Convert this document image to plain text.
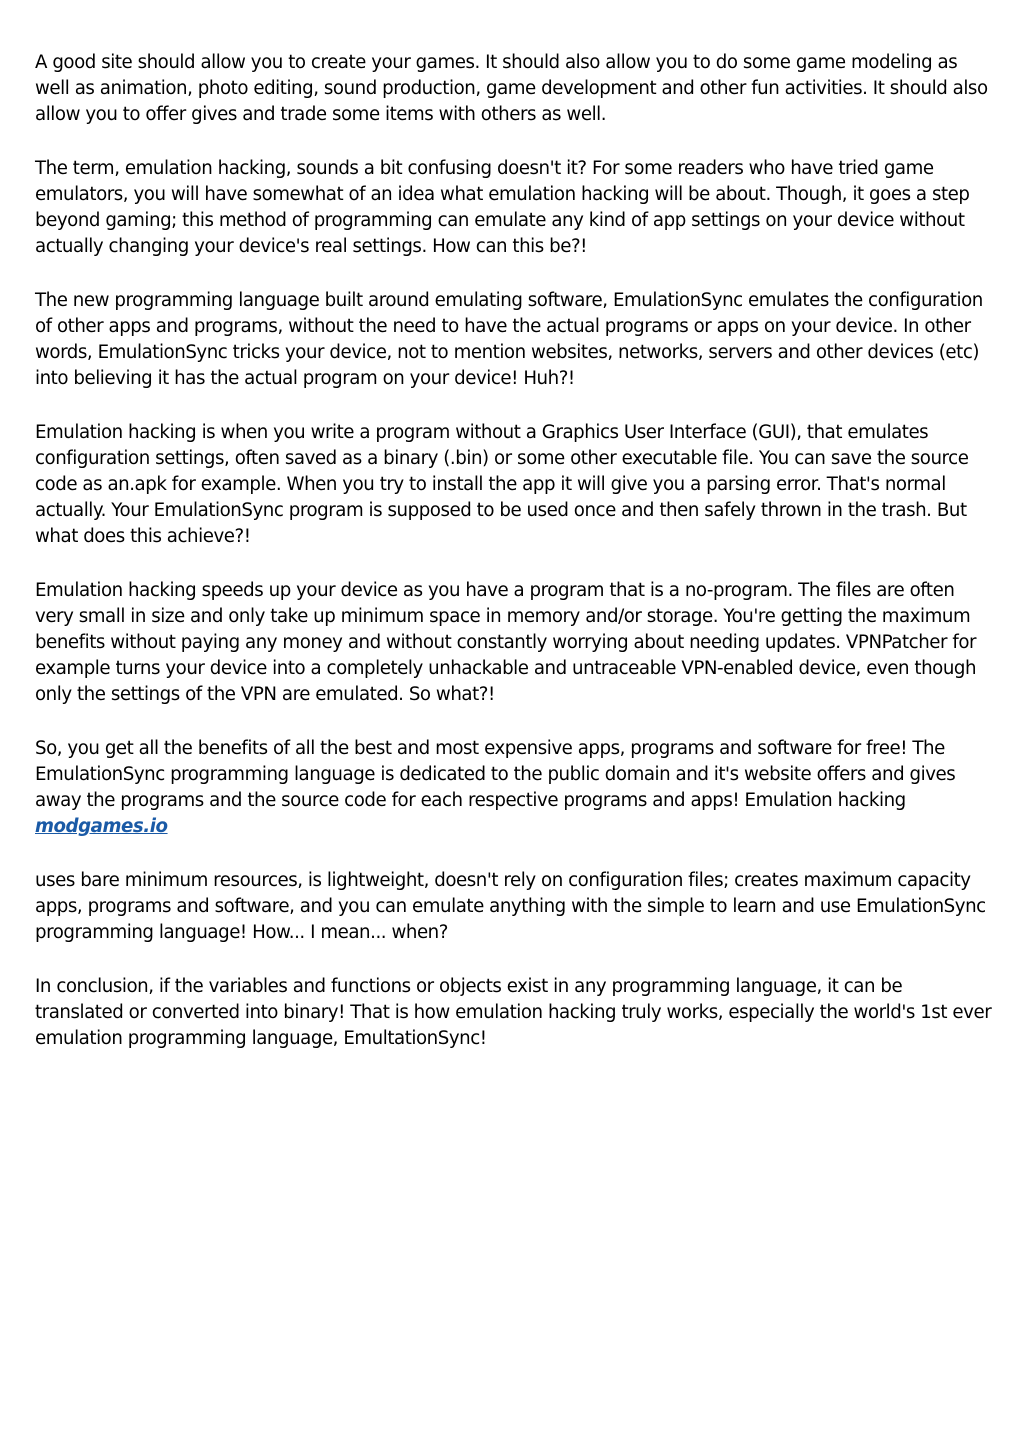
A good site should allow you to create your games. It should also allow you to do some game modeling as well as animation, photo editing, sound production, game development and other fun activities. It should also allow you to offer gives and trade some items with others as well.

The term, emulation hacking, sounds a bit confusing doesn't it? For some readers who have tried game emulators, you will have somewhat of an idea what emulation hacking will be about. Though, it goes a step beyond gaming; this method of programming can emulate any kind of app settings on your device without actually changing your device's real settings. How can this be?!

The new programming language built around emulating software, EmulationSync emulates the configuration of other apps and programs, without the need to have the actual programs or apps on your device. In other words, EmulationSync tricks your device, not to mention websites, networks, servers and other devices (etc) into believing it has the actual program on your device! Huh?!

Emulation hacking is when you write a program without a Graphics User Interface (GUI), that emulates configuration settings, often saved as a binary (.bin) or some other executable file. You can save the source code as an.apk for example. When you try to install the app it will give you a parsing error. That's normal actually. Your EmulationSync program is supposed to be used once and then safely thrown in the trash. But what does this achieve?!

Emulation hacking speeds up your device as you have a program that is a no-program. The files are often very small in size and only take up minimum space in memory and/or storage. You're getting the maximum benefits without paying any money and without constantly worrying about needing updates. VPNPatcher for example turns your device into a completely unhackable and untraceable VPN-enabled device, even though only the settings of the VPN are emulated. So what?!

So, you get all the benefits of all the best and most expensive apps, programs and software for free! The EmulationSync programming language is dedicated to the public domain and it's website offers and gives away the programs and the source code for each respective programs and apps! Emulation hacking modgames.io

uses bare minimum resources, is lightweight, doesn't rely on configuration files; creates maximum capacity apps, programs and software, and you can emulate anything with the simple to learn and use EmulationSync programming language! How... I mean... when?

In conclusion, if the variables and functions or objects exist in any programming language, it can be translated or converted into binary! That is how emulation hacking truly works, especially the world's 1st ever emulation programming language, EmultationSync!
